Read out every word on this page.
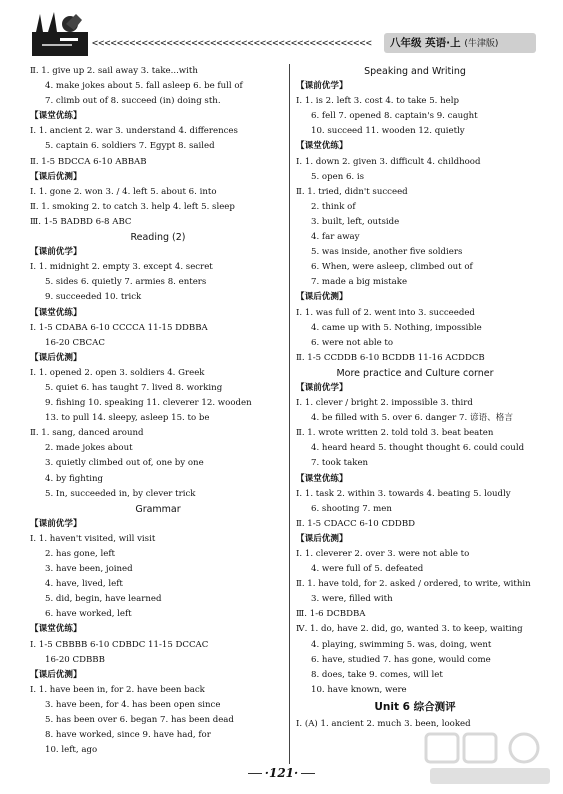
<<<<<<<<<<<<<<<<<<<<<<<<<<<<<<<<<<<<<<<<<<<<<	八年级 英语·上 (牛津版)
Ⅱ. 1. give up 2. sail away 3. take...with
4. make jokes about 5. fall asleep 6. be full of
7. climb out of 8. succeed (in) doing sth.
【课堂优练】
Ⅰ. 1. ancient 2. war 3. understand 4. differences
5. captain 6. soldiers 7. Egypt 8. sailed
Ⅱ. 1-5 BDCCA 6-10 ABBAB
【课后优测】
Ⅰ. 1. gone 2. won 3. / 4. left 5. about 6. into
Ⅱ. 1. smoking 2. to catch 3. help 4. left 5. sleep
Ⅲ. 1-5 BADBD 6-8 ABC
Reading (2)
【课前优学】
Ⅰ. 1. midnight 2. empty 3. except 4. secret
5. sides 6. quietly 7. armies 8. enters
9. succeeded 10. trick
【课堂优练】
Ⅰ. 1-5 CDABA 6-10 CCCCA 11-15 DDBBA
16-20 CBCAC
【课后优测】
Ⅰ. 1. opened 2. open 3. soldiers 4. Greek
5. quiet 6. has taught 7. lived 8. working
9. fishing 10. speaking 11. cleverer 12. wooden
13. to pull 14. sleepy, asleep 15. to be
Ⅱ. 1. sang, danced around
2. made jokes about
3. quietly climbed out of, one by one
4. by fighting
5. In, succeeded in, by clever trick
Grammar
【课前优学】
Ⅰ. 1. haven't visited, will visit
2. has gone, left
3. have been, joined
4. have, lived, left
5. did, begin, have learned
6. have worked, left
【课堂优练】
Ⅰ. 1-5 CBBBB 6-10 CDBDC 11-15 DCCAC
16-20 CDBBB
【课后优测】
Ⅰ. 1. have been in, for 2. have been back
3. have been, for 4. has been open since
5. has been over 6. began 7. has been dead
8. have worked, since 9. have had, for
10. left, ago
Speaking and Writing
【课前优学】
Ⅰ. 1. is 2. left 3. cost 4. to take 5. help
6. fell 7. opened 8. captain's 9. caught
10. succeed 11. wooden 12. quietly
【课堂优练】
Ⅰ. 1. down 2. given 3. difficult 4. childhood
5. open 6. is
Ⅱ. 1. tried, didn't succeed
2. think of
3. built, left, outside
4. far away
5. was inside, another five soldiers
6. When, were asleep, climbed out of
7. made a big mistake
【课后优测】
Ⅰ. 1. was full of 2. went into 3. succeeded
4. came up with 5. Nothing, impossible
6. were not able to
Ⅱ. 1-5 CCDDB 6-10 BCDDB 11-16 ACDDCB
More practice and Culture corner
【课前优学】
Ⅰ. 1. clever / bright 2. impossible 3. third
4. be filled with 5. over 6. danger 7. 谚语、格言
Ⅱ. 1. wrote written 2. told told 3. beat beaten
4. heard heard 5. thought thought 6. could could
7. took taken
【课堂优练】
Ⅰ. 1. task 2. within 3. towards 4. beating 5. loudly
6. shooting 7. men
Ⅱ. 1-5 CDACC 6-10 CDDBD
【课后优测】
Ⅰ. 1. cleverer 2. over 3. were not able to
4. were full of 5. defeated
Ⅱ. 1. have told, for 2. asked / ordered, to write, within
3. were, filled with
Ⅲ. 1-6 DCBDBA
Ⅳ. 1. do, have 2. did, go, wanted 3. to keep, waiting
4. playing, swimming 5. was, doing, went
6. have, studied 7. has gone, would come
8. does, take 9. comes, will let
10. have known, were
Unit 6 综合测评
Ⅰ. (A) 1. ancient 2. much 3. been, looked
·121·
